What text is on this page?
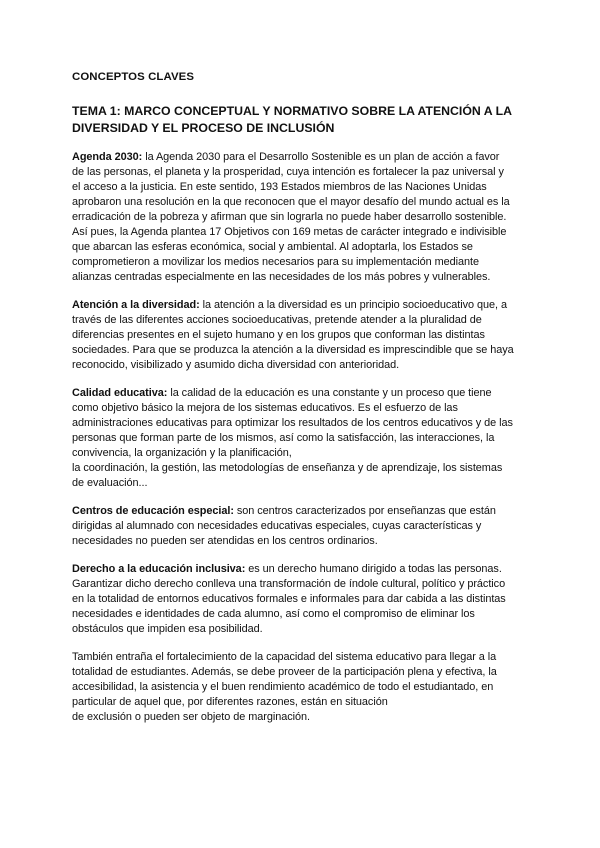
CONCEPTOS CLAVES
TEMA 1: MARCO CONCEPTUAL Y NORMATIVO SOBRE LA ATENCIÓN A LA
DIVERSIDAD Y EL PROCESO DE INCLUSIÓN
Agenda 2030: la Agenda 2030 para el Desarrollo Sostenible es un plan de acción a favor
de las personas, el planeta y la prosperidad, cuya intención es fortalecer la paz universal y
el acceso a la justicia. En este sentido, 193 Estados miembros de las Naciones Unidas
aprobaron una resolución en la que reconocen que el mayor desafío del mundo actual es la
erradicación de la pobreza y afirman que sin lograrla no puede haber desarrollo sostenible.
Así pues, la Agenda plantea 17 Objetivos con 169 metas de carácter integrado e indivisible
que abarcan las esferas económica, social y ambiental. Al adoptarla, los Estados se
comprometieron a movilizar los medios necesarios para su implementación mediante
alianzas centradas especialmente en las necesidades de los más pobres y vulnerables.
Atención a la diversidad: la atención a la diversidad es un principio socioeducativo que, a
través de las diferentes acciones socioeducativas, pretende atender a la pluralidad de
diferencias presentes en el sujeto humano y en los grupos que conforman las distintas
sociedades. Para que se produzca la atención a la diversidad es imprescindible que se haya
reconocido, visibilizado y asumido dicha diversidad con anterioridad.
Calidad educativa: la calidad de la educación es una constante y un proceso que tiene
como objetivo básico la mejora de los sistemas educativos. Es el esfuerzo de las
administraciones educativas para optimizar los resultados de los centros educativos y de las
personas que forman parte de los mismos, así como la satisfacción, las interacciones, la
convivencia, la organización y la planificación,
la coordinación, la gestión, las metodologías de enseñanza y de aprendizaje, los sistemas
de evaluación...
Centros de educación especial: son centros caracterizados por enseñanzas que están
dirigidas al alumnado con necesidades educativas especiales, cuyas características y
necesidades no pueden ser atendidas en los centros ordinarios.
Derecho a la educación inclusiva: es un derecho humano dirigido a todas las personas.
Garantizar dicho derecho conlleva una transformación de índole cultural, político y práctico
en la totalidad de entornos educativos formales e informales para dar cabida a las distintas
necesidades e identidades de cada alumno, así como el compromiso de eliminar los
obstáculos que impiden esa posibilidad.
También entraña el fortalecimiento de la capacidad del sistema educativo para llegar a la
totalidad de estudiantes. Además, se debe proveer de la participación plena y efectiva, la
accesibilidad, la asistencia y el buen rendimiento académico de todo el estudiantado, en
particular de aquel que, por diferentes razones, están en situación
de exclusión o pueden ser objeto de marginación.
